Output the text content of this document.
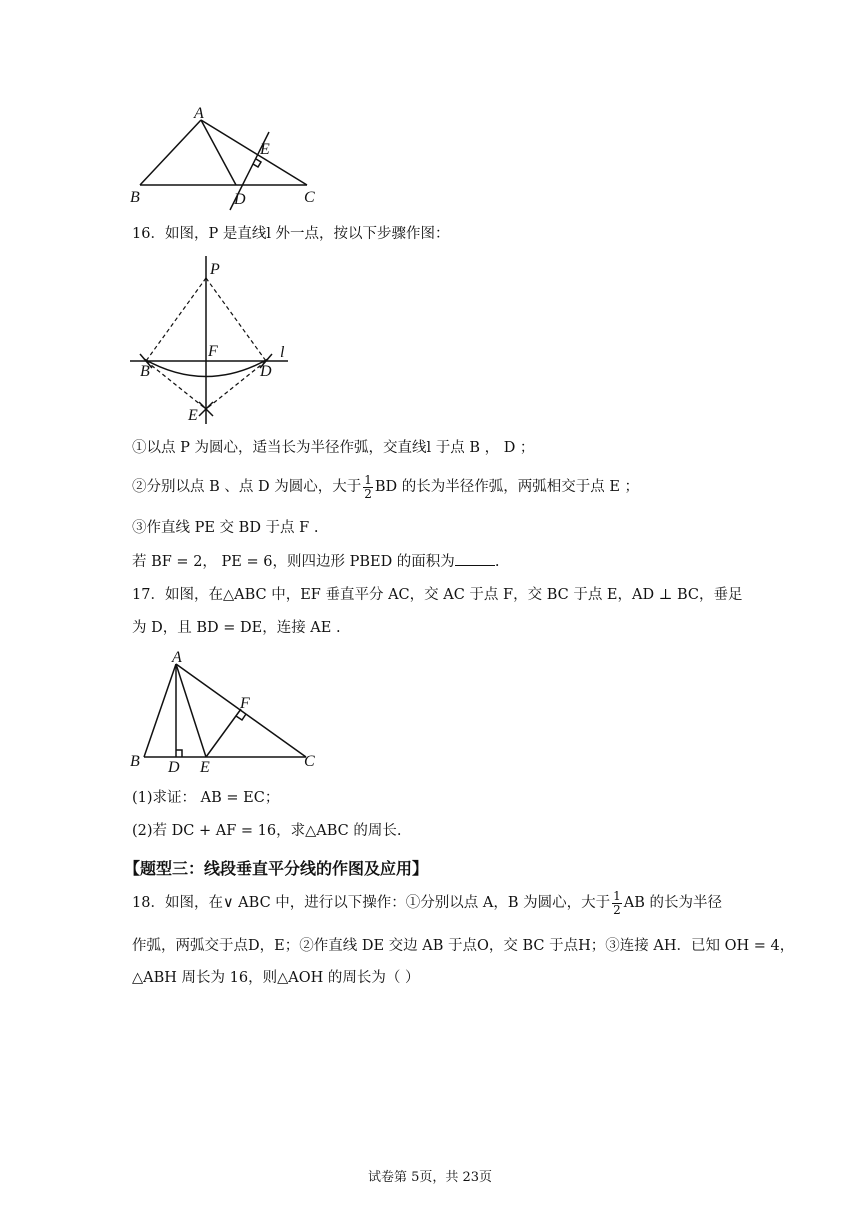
A
B	C
D
E
16．如图，P 是直线l 外一点，按以下步骤作图：
P
F	l
B	D
E
①以点 P 为圆心，适当长为半径作弧，交直线l 于点 B ， D ；
②分别以点 B 、点 D 为圆心，大于 $\frac{1}{2}$ BD 的长为半径作弧，两弧相交于点 E ；
③作直线 PE 交 BD 于点 F .
若 BF = 2， PE = 6，则四边形 PBED 的面积为	.
17．如图，在△ABC 中，EF 垂直平分 AC，交 AC 于点 F，交 BC 于点 E，AD ⊥ BC，垂足
为 D，且 BD = DE，连接 AE .
A
B	C
D E
F
(1)求证： AB = EC；
(2)若 DC + AF = 16，求△ABC 的周长.
【题型三：线段垂直平分线的作图及应用】
18．如图，在∨ ABC 中，进行以下操作：①分别以点 A，B 为圆心，大于 $\frac{1}{2}$ AB 的长为半径
作弧，两弧交于点D，E；②作直线 DE 交边 AB 于点O，交 BC 于点H；③连接 AH．已知 OH = 4，
△ABH 周长为 16，则△AOH 的周长为（ ）
试卷第 5页，共 23页
